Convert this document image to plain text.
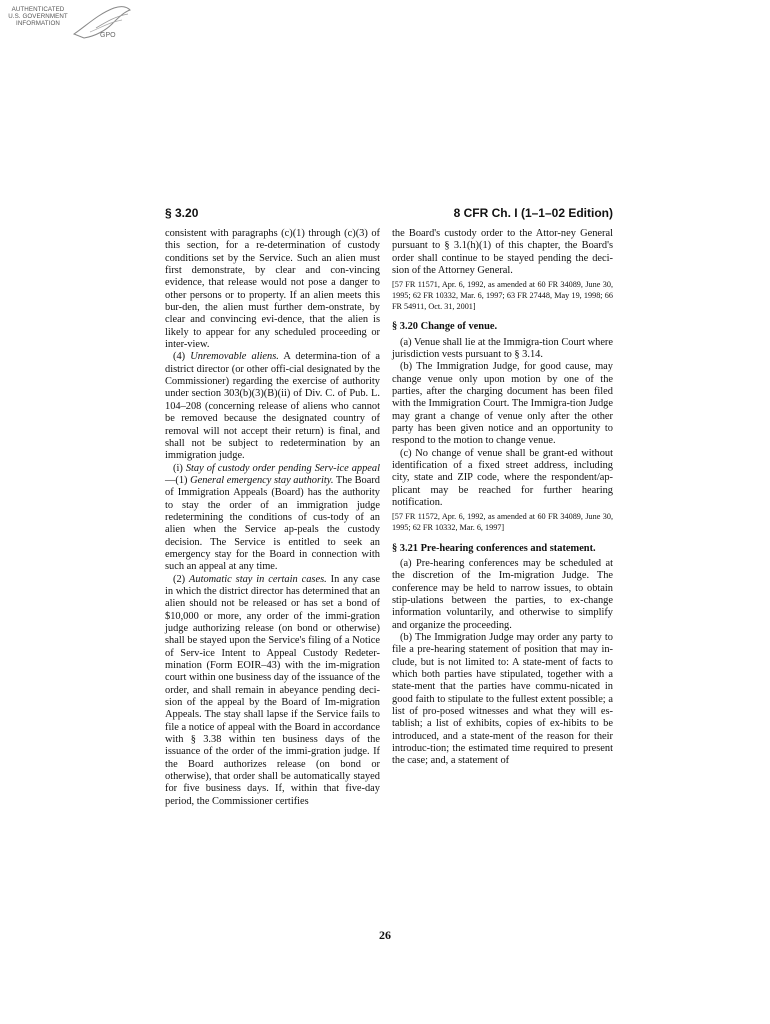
AUTHENTICATED
U.S. GOVERNMENT
INFORMATION
GPO
§ 3.20	8 CFR Ch. I (1–1–02 Edition)

consistent with paragraphs (c)(1) through (c)(3) of this section, for a re-determination of custody conditions set by the Service. Such an alien must first demonstrate, by clear and con-vincing evidence, that release would not pose a danger to other persons or to property. If an alien meets this bur-den, the alien must further dem-onstrate, by clear and convincing evi-dence, that the alien is likely to appear for any scheduled proceeding or inter-view.

(4) Unremovable aliens. A determina-tion of a district director (or other offi-cial designated by the Commissioner) regarding the exercise of authority under section 303(b)(3)(B)(ii) of Div. C. of Pub. L. 104–208 (concerning release of aliens who cannot be removed because the designated country of removal will not accept their return) is final, and shall not be subject to redetermination by an immigration judge.

(i) Stay of custody order pending Serv-ice appeal—(1) General emergency stay authority. The Board of Immigration Appeals (Board) has the authority to stay the order of an immigration judge redetermining the conditions of cus-tody of an alien when the Service ap-peals the custody decision. The Service is entitled to seek an emergency stay for the Board in connection with such an appeal at any time.

(2) Automatic stay in certain cases. In any case in which the district director has determined that an alien should not be released or has set a bond of $10,000 or more, any order of the immi-gration judge authorizing release (on bond or otherwise) shall be stayed upon the Service's filing of a Notice of Serv-ice Intent to Appeal Custody Redeter-mination (Form EOIR–43) with the im-migration court within one business day of the issuance of the order, and shall remain in abeyance pending deci-sion of the appeal by the Board of Im-migration Appeals. The stay shall lapse if the Service fails to file a notice of appeal with the Board in accordance with § 3.38 within ten business days of the issuance of the order of the immi-gration judge. If the Board authorizes release (on bond or otherwise), that order shall be automatically stayed for five business days. If, within that five-day period, the Commissioner certifies

the Board's custody order to the Attor-ney General pursuant to § 3.1(h)(1) of this chapter, the Board's order shall continue to be stayed pending the deci-sion of the Attorney General.

[57 FR 11571, Apr. 6, 1992, as amended at 60 FR 34089, June 30, 1995; 62 FR 10332, Mar. 6, 1997; 63 FR 27448, May 19, 1998; 66 FR 54911, Oct. 31, 2001]

§ 3.20 Change of venue.

(a) Venue shall lie at the Immigra-tion Court where jurisdiction vests pursuant to § 3.14.

(b) The Immigration Judge, for good cause, may change venue only upon motion by one of the parties, after the charging document has been filed with the Immigration Court. The Immigra-tion Judge may grant a change of venue only after the other party has been given notice and an opportunity to respond to the motion to change venue.

(c) No change of venue shall be grant-ed without identification of a fixed street address, including city, state and ZIP code, where the respondent/ap-plicant may be reached for further hearing notification.

[57 FR 11572, Apr. 6, 1992, as amended at 60 FR 34089, June 30, 1995; 62 FR 10332, Mar. 6, 1997]

§ 3.21 Pre-hearing conferences and statement.

(a) Pre-hearing conferences may be scheduled at the discretion of the Im-migration Judge. The conference may be held to narrow issues, to obtain stip-ulations between the parties, to ex-change information voluntarily, and otherwise to simplify and organize the proceeding.

(b) The Immigration Judge may order any party to file a pre-hearing statement of position that may in-clude, but is not limited to: A state-ment of facts to which both parties have stipulated, together with a state-ment that the parties have commu-nicated in good faith to stipulate to the fullest extent possible; a list of pro-posed witnesses and what they will es-tablish; a list of exhibits, copies of ex-hibits to be introduced, and a state-ment of the reason for their introduc-tion; the estimated time required to present the case; and, a statement of

26
